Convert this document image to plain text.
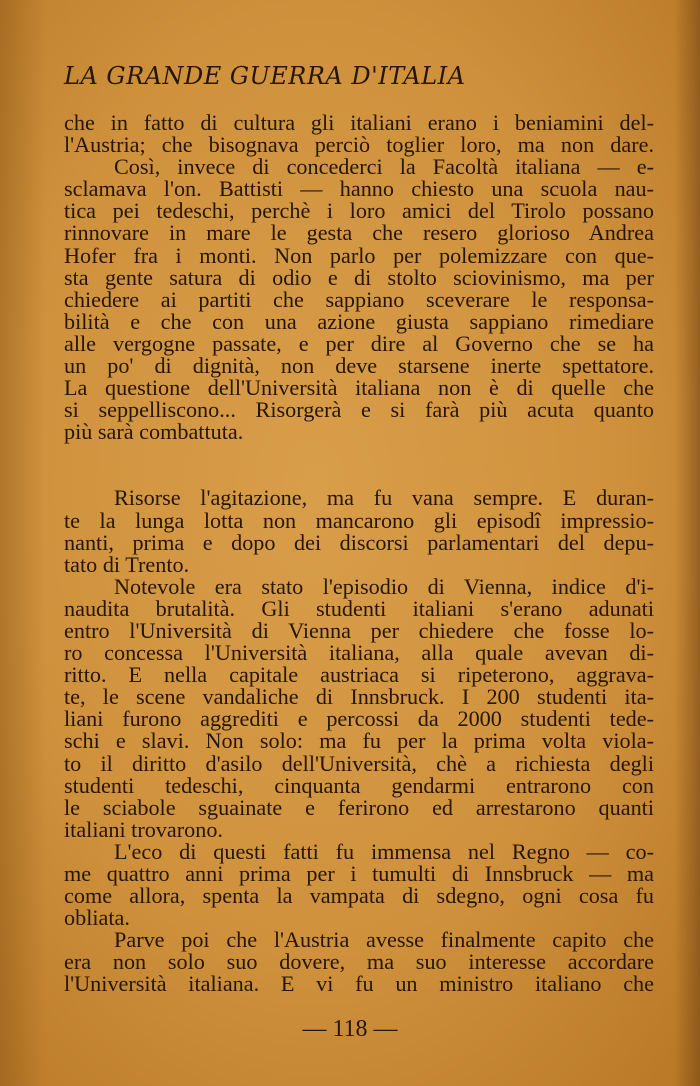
LA GRANDE GUERRA D'ITALIA
che in fatto di cultura gli italiani erano i beniamini del-
l'Austria; che bisognava perciò toglier loro, ma non dare.
Così, invece di concederci la Facoltà italiana — e-
sclamava l'on. Battisti — hanno chiesto una scuola nau-
tica pei tedeschi, perchè i loro amici del Tirolo possano
rinnovare in mare le gesta che resero glorioso Andrea
Hofer fra i monti. Non parlo per polemizzare con que-
sta gente satura di odio e di stolto sciovinismo, ma per
chiedere ai partiti che sappiano sceverare le responsa-
bilità e che con una azione giusta sappiano rimediare
alle vergogne passate, e per dire al Governo che se ha
un po' di dignità, non deve starsene inerte spettatore.
La questione dell'Università italiana non è di quelle che
si seppelliscono... Risorgerà e si farà più acuta quanto
più sarà combattuta.
Risorse l'agitazione, ma fu vana sempre. E duran-
te la lunga lotta non mancarono gli episodî impressio-
nanti, prima e dopo dei discorsi parlamentari del depu-
tato di Trento.
Notevole era stato l'episodio di Vienna, indice d'i-
naudita brutalità. Gli studenti italiani s'erano adunati
entro l'Università di Vienna per chiedere che fosse lo-
ro concessa l'Università italiana, alla quale avevan di-
ritto. E nella capitale austriaca si ripeterono, aggrava-
te, le scene vandaliche di Innsbruck. I 200 studenti ita-
liani furono aggrediti e percossi da 2000 studenti tede-
schi e slavi. Non solo: ma fu per la prima volta viola-
to il diritto d'asilo dell'Università, chè a richiesta degli
studenti tedeschi, cinquanta gendarmi entrarono con
le sciabole sguainate e ferirono ed arrestarono quanti
italiani trovarono.
L'eco di questi fatti fu immensa nel Regno — co-
me quattro anni prima per i tumulti di Innsbruck — ma
come allora, spenta la vampata di sdegno, ogni cosa fu
obliata.
Parve poi che l'Austria avesse finalmente capito che
era non solo suo dovere, ma suo interesse accordare
l'Università italiana. E vi fu un ministro italiano che
— 118 —
